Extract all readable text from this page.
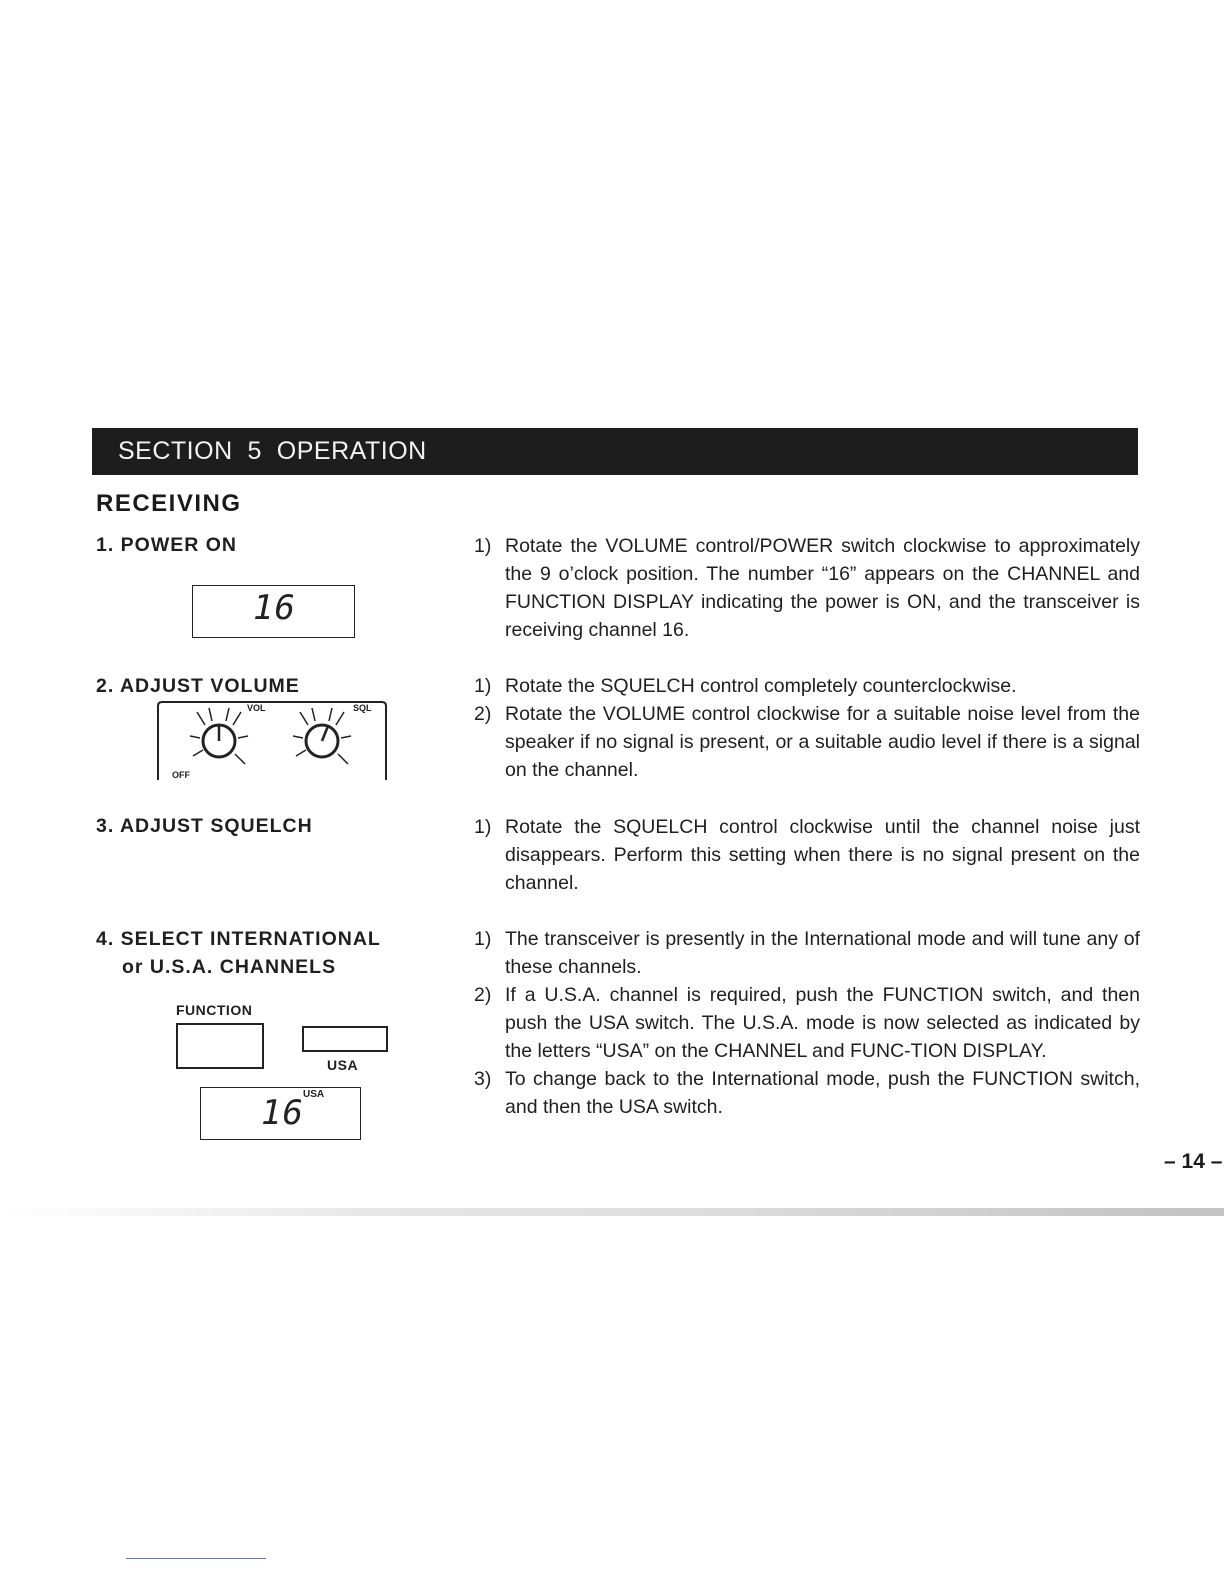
SECTION  5  OPERATION
RECEIVING
1. POWER ON
16
1) Rotate the VOLUME control/POWER switch clockwise to approximately the 9 o’clock position. The number “16” appears on the CHANNEL and FUNCTION DISPLAY indicating the power is ON, and the transceiver is receiving channel 16.
2. ADJUST VOLUME
VOL	SQL
OFF
1) Rotate the SQUELCH control completely counterclockwise.
2) Rotate the VOLUME control clockwise for a suitable noise level from the speaker if no signal is present, or a suitable audio level if there is a signal on the channel.
3. ADJUST SQUELCH	1) Rotate the SQUELCH control clockwise until the channel noise just disappears. Perform this setting when there is no signal present on the channel.
4. SELECT INTERNATIONAL
or U.S.A. CHANNELS
FUNCTION
USA
USA
16
1) The transceiver is presently in the International mode and will tune any of these channels.
2) If a U.S.A. channel is required, push the FUNCTION switch, and then push the USA switch. The U.S.A. mode is now selected as indicated by the letters “USA” on the CHANNEL and FUNC-TION DISPLAY.
3) To change back to the International mode, push the FUNCTION switch, and then the USA switch.
– 14 –
